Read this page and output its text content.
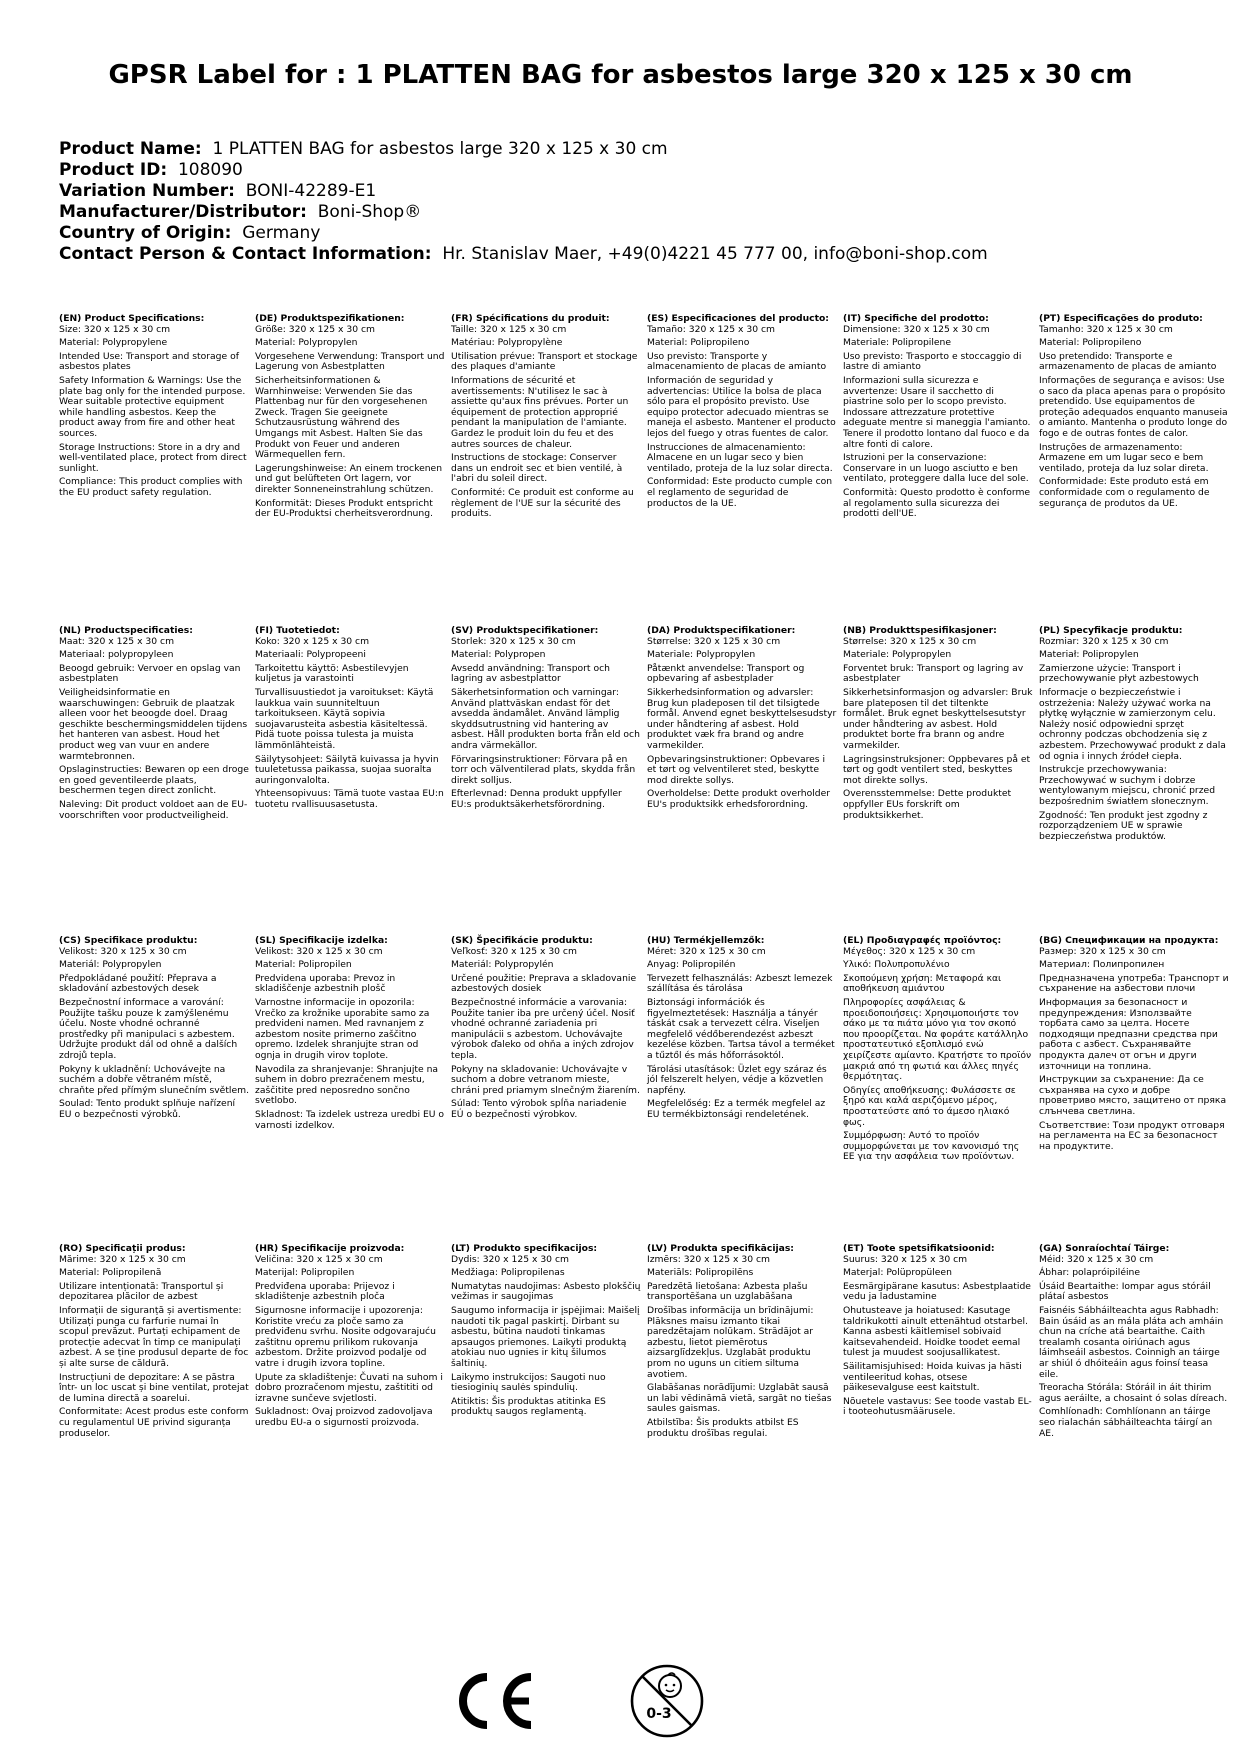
GPSR Label for : 1 PLATTEN BAG for asbestos large 320 x 125 x 30 cm
Product Name: 1 PLATTEN BAG for asbestos large 320 x 125 x 30 cm
Product ID: 108090
Variation Number: BONI-42289-E1
Manufacturer/Distributor: Boni-Shop®
Country of Origin: Germany
Contact Person & Contact Information: Hr. Stanislav Maer, +49(0)4221 45 777 00, info@boni-shop.com
(EN) Product Specifications:

Size: 320 x 125 x 30 cm

Material: Polypropylene

Intended Use: Transport and storage of asbestos plates

Safety Information & Warnings: Use the plate bag only for the intended purpose. Wear suitable protective equipment while handling asbestos. Keep the product away from fire and other heat sources.

Storage Instructions: Store in a dry and well-ventilated place, protect from direct sunlight.

Compliance: This product complies with the EU product safety regulation.

(DE) Produktspezifikationen:

Größe: 320 x 125 x 30 cm

Material: Polypropylen

Vorgesehene Verwendung: Transport und Lagerung von Asbestplatten

Sicherheitsinformationen & Warnhinweise: Verwenden Sie das Plattenbag nur für den vorgesehenen Zweck. Tragen Sie geeignete Schutzausrüstung während des Umgangs mit Asbest. Halten Sie das Produkt von Feuer und anderen Wärmequellen fern.

Lagerungshinweise: An einem trockenen und gut belüfteten Ort lagern, vor direkter Sonneneinstrahlung schützen.

Konformität: Dieses Produkt entspricht der EU-Produktsi cherheitsverordnung.

(FR) Spécifications du produit:

Taille: 320 x 125 x 30 cm

Matériau: Polypropylène

Utilisation prévue: Transport et stockage des plaques d'amiante

Informations de sécurité et avertissements: N'utilisez le sac à assiette qu'aux fins prévues. Porter un équipement de protection approprié pendant la manipulation de l'amiante. Gardez le produit loin du feu et des autres sources de chaleur.

Instructions de stockage: Conserver dans un endroit sec et bien ventilé, à l'abri du soleil direct.

Conformité: Ce produit est conforme au règlement de l'UE sur la sécurité des produits.

(ES) Especificaciones del producto:

Tamaño: 320 x 125 x 30 cm

Material: Polipropileno

Uso previsto: Transporte y almacenamiento de placas de amianto

Información de seguridad y advertencias: Utilice la bolsa de placa sólo para el propósito previsto. Use equipo protector adecuado mientras se maneja el asbesto. Mantener el producto lejos del fuego y otras fuentes de calor.

Instrucciones de almacenamiento: Almacene en un lugar seco y bien ventilado, proteja de la luz solar directa.

Conformidad: Este producto cumple con el reglamento de seguridad de productos de la UE.

(IT) Specifiche del prodotto:

Dimensione: 320 x 125 x 30 cm

Materiale: Polipropilene

Uso previsto: Trasporto e stoccaggio di lastre di amianto

Informazioni sulla sicurezza e avvertenze: Usare il sacchetto di piastrine solo per lo scopo previsto. Indossare attrezzature protettive adeguate mentre si maneggia l'amianto. Tenere il prodotto lontano dal fuoco e da altre fonti di calore.

Istruzioni per la conservazione: Conservare in un luogo asciutto e ben ventilato, proteggere dalla luce del sole.

Conformità: Questo prodotto è conforme al regolamento sulla sicurezza dei prodotti dell'UE.

(PT) Especificações do produto:

Tamanho: 320 x 125 x 30 cm

Material: Polipropileno

Uso pretendido: Transporte e armazenamento de placas de amianto

Informações de segurança e avisos: Use o saco da placa apenas para o propósito pretendido. Use equipamentos de proteção adequados enquanto manuseia o amianto. Mantenha o produto longe do fogo e de outras fontes de calor.

Instruções de armazenamento: Armazene em um lugar seco e bem ventilado, proteja da luz solar direta.

Conformidade: Este produto está em conformidade com o regulamento de segurança de produtos da UE.

(NL) Productspecificaties:

Maat: 320 x 125 x 30 cm

Materiaal: polypropyleen

Beoogd gebruik: Vervoer en opslag van asbestplaten

Veiligheidsinformatie en waarschuwingen: Gebruik de plaatzak alleen voor het beoogde doel. Draag geschikte beschermingsmiddelen tijdens het hanteren van asbest. Houd het product weg van vuur en andere warmtebronnen.

Opslaginstructies: Bewaren op een droge en goed geventileerde plaats, beschermen tegen direct zonlicht.

Naleving: Dit product voldoet aan de EU-voorschriften voor productveiligheid.

(FI) Tuotetiedot:

Koko: 320 x 125 x 30 cm

Materiaali: Polypropeeni

Tarkoitettu käyttö: Asbestilevyjen kuljetus ja varastointi

Turvallisuustiedot ja varoitukset: Käytä laukkua vain suunniteltuun tarkoitukseen. Käytä sopivia suojavarusteita asbestia käsiteltessä. Pidä tuote poissa tulesta ja muista lämmönlähteistä.

Säilytysohjeet: Säilytä kuivassa ja hyvin tuuletetussa paikassa, suojaa suoralta auringonvalolta.

Yhteensopivuus: Tämä tuote vastaa EU:n tuotetu rvallisuusasetusta.

(SV) Produktspecifikationer:

Storlek: 320 x 125 x 30 cm

Material: Polypropen

Avsedd användning: Transport och lagring av asbestplattor

Säkerhetsinformation och varningar: Använd plattväskan endast för det avsedda ändamålet. Använd lämplig skyddsutrustning vid hantering av asbest. Håll produkten borta från eld och andra värmekällor.

Förvaringsinstruktioner: Förvara på en torr och välventilerad plats, skydda från direkt solljus.

Efterlevnad: Denna produkt uppfyller EU:s produktsäkerhetsförordning.

(DA) Produktspecifikationer:

Størrelse: 320 x 125 x 30 cm

Materiale: Polypropylen

Påtænkt anvendelse: Transport og opbevaring af asbestplader

Sikkerhedsinformation og advarsler: Brug kun pladeposen til det tilsigtede formål. Anvend egnet beskyttelsesudstyr under håndtering af asbest. Hold produktet væk fra brand og andre varmekilder.

Opbevaringsinstruktioner: Opbevares i et tørt og velventileret sted, beskytte mod direkte sollys.

Overholdelse: Dette produkt overholder EU's produktsikk erhedsforordning.

(NB) Produkttspesifikasjoner:

Størrelse: 320 x 125 x 30 cm

Materiale: Polypropylen

Forventet bruk: Transport og lagring av asbestplater

Sikkerhetsinformasjon og advarsler: Bruk bare plateposen til det tiltenkte formålet. Bruk egnet beskyttelsesutstyr under håndtering av asbest. Hold produktet borte fra brann og andre varmekilder.

Lagringsinstruksjoner: Oppbevares på et tørt og godt ventilert sted, beskyttes mot direkte sollys.

Overensstemmelse: Dette produktet oppfyller EUs forskrift om produktsikkerhet.

(PL) Specyfikacje produktu:

Rozmiar: 320 x 125 x 30 cm

Materiał: Polipropylen

Zamierzone użycie: Transport i przechowywanie płyt azbestowych

Informacje o bezpieczeństwie i ostrzeżenia: Należy używać worka na płytkę wyłącznie w zamierzonym celu. Należy nosić odpowiedni sprzęt ochronny podczas obchodzenia się z azbestem. Przechowywać produkt z dala od ognia i innych źródeł ciepła.

Instrukcje przechowywania: Przechowywać w suchym i dobrze wentylowanym miejscu, chronić przed bezpośrednim światłem słonecznym.

Zgodność: Ten produkt jest zgodny z rozporządzeniem UE w sprawie bezpieczeństwa produktów.

(CS) Specifikace produktu:

Velikost: 320 x 125 x 30 cm

Materiál: Polypropylen

Předpokládané použití: Přeprava a skladování azbestových desek

Bezpečnostní informace a varování: Použijte tašku pouze k zamýšlenému účelu. Noste vhodné ochranné prostředky při manipulaci s azbestem. Udržujte produkt dál od ohně a dalších zdrojů tepla.

Pokyny k ukladnění: Uchovávejte na suchém a dobře větraném místě, chraňte před přímým slunečním světlem.

Soulad: Tento produkt splňuje nařízení EU o bezpečnosti výrobků.

(SL) Specifikacije izdelka:

Velikost: 320 x 125 x 30 cm

Material: Polipropilen

Predvidena uporaba: Prevoz in skladiščenje azbestnih plošč

Varnostne informacije in opozorila: Vrečko za krožnike uporabite samo za predvideni namen. Med ravnanjem z azbestom nosite primerno zaščitno opremo. Izdelek shranjujte stran od ognja in drugih virov toplote.

Navodila za shranjevanje: Shranjujte na suhem in dobro prezračenem mestu, zaščitite pred neposredno sončno svetlobo.

Skladnost: Ta izdelek ustreza uredbi EU o varnosti izdelkov.

(SK) Špecifikácie produktu:

Veľkosť: 320 x 125 x 30 cm

Materiál: Polypropylén

Určené použitie: Preprava a skladovanie azbestových dosiek

Bezpečnostné informácie a varovania: Použite tanier iba pre určený účel. Nosiť vhodné ochranné zariadenia pri manipulácii s azbestom. Uchovávajte výrobok ďaleko od ohňa a iných zdrojov tepla.

Pokyny na skladovanie: Uchovávajte v suchom a dobre vetranom mieste, chráni pred priamym slnečným žiarením.

Súlad: Tento výrobok spĺňa nariadenie EÚ o bezpečnosti výrobkov.

(HU) Termékjellemzők:

Méret: 320 x 125 x 30 cm

Anyag: Polipropilén

Tervezett felhasználás: Azbeszt lemezek szállítása és tárolása

Biztonsági információk és figyelmeztetések: Használja a tányér táskát csak a tervezett célra. Viseljen megfelelő védőberendezést azbeszt kezelése közben. Tartsa távol a terméket a tűztől és más hőforrásoktól.

Tárolási utasítások: Üzlet egy száraz és jól felszerelt helyen, védje a közvetlen napfény.

Megfelelőség: Ez a termék megfelel az EU termékbiztonsági rendeletének.

(EL) Προδιαγραφές προϊόντος:

Μέγεθος: 320 x 125 x 30 cm

Υλικό: Πολυπροπυλένιο

Σκοπούμενη χρήση: Μεταφορά και αποθήκευση αμιάντου

Πληροφορίες ασφάλειας & προειδοποιήσεις: Χρησιμοποιήστε τον σάκο με τα πιάτα μόνο για τον σκοπό που προορίζεται. Να φοράτε κατάλληλο προστατευτικό εξοπλισμό ενώ χειρίζεστε αμίαντο. Κρατήστε το προϊόν μακριά από τη φωτιά και άλλες πηγές θερμότητας.

Οδηγίες αποθήκευσης: Φυλάσσετε σε ξηρό και καλά αεριζόμενο μέρος, προστατεύστε από το άμεσο ηλιακό φως.

Συμμόρφωση: Αυτό το προϊόν συμμορφώνεται με τον κανονισμό της ΕΕ για την ασφάλεια των προϊόντων.

(BG) Спецификации на продукта:

Размер: 320 x 125 x 30 cm

Материал: Полипропилен

Предназначена употреба: Транспорт и съхранение на азбестови плочи

Информация за безопасност и предупреждения: Използвайте торбата само за целта. Носете подходящи предпазни средства при работа с азбест. Съхранявайте продукта далеч от огън и други източници на топлина.

Инструкции за съхранение: Да се съхранява на сухо и добре проветриво място, защитено от пряка слънчева светлина.

Съответствие: Този продукт отговаря на регламента на ЕС за безопасност на продуктите.

(RO) Specificații produs:

Mărime: 320 x 125 x 30 cm

Material: Polipropilenă

Utilizare intenționată: Transportul și depozitarea plăcilor de azbest

Informații de siguranță și avertismente: Utilizați punga cu farfurie numai în scopul prevăzut. Purtați echipament de protecție adecvat în timp ce manipulați azbest. A se ține produsul departe de foc și alte surse de căldură.

Instrucțiuni de depozitare: A se păstra într- un loc uscat și bine ventilat, protejat de lumina directă a soarelui.

Conformitate: Acest produs este conform cu regulamentul UE privind siguranța produselor.

(HR) Specifikacije proizvoda:

Veličina: 320 x 125 x 30 cm

Materijal: Polipropilen

Predviđena uporaba: Prijevoz i skladištenje azbestnih ploča

Sigurnosne informacije i upozorenja: Koristite vreću za ploče samo za predviđenu svrhu. Nosite odgovarajuću zaštitnu opremu prilikom rukovanja azbestom. Držite proizvod podalje od vatre i drugih izvora topline.

Upute za skladištenje: Čuvati na suhom i dobro prozračenom mjestu, zaštititi od izravne sunčeve svjetlosti.

Sukladnost: Ovaj proizvod zadovoljava uredbu EU-a o sigurnosti proizvoda.

(LT) Produkto specifikacijos:

Dydis: 320 x 125 x 30 cm

Medžiaga: Polipropilenas

Numatytas naudojimas: Asbesto plokščių vežimas ir saugojimas

Saugumo informacija ir įspėjimai: Maišelį naudoti tik pagal paskirtį. Dirbant su asbestu, būtina naudoti tinkamas apsaugos priemones. Laikyti produktą atokiau nuo ugnies ir kitų šilumos šaltinių.

Laikymo instrukcijos: Saugoti nuo tiesioginių saulės spindulių.

Atitiktis: Šis produktas atitinka ES produktų saugos reglamentą.

(LV) Produkta specifikācijas:

Izmērs: 320 x 125 x 30 cm

Materiāls: Polipropilēns

Paredzētā lietošana: Azbesta plašu transportēšana un uzglabāšana

Drošības informācija un brīdinājumi: Plāksnes maisu izmanto tikai paredzētajam nolūkam. Strādājot ar azbestu, lietot piemērotus aizsarglīdzekļus. Uzglabāt produktu prom no uguns un citiem siltuma avotiem.

Glabāšanas norādījumi: Uzglabāt sausā un labi vēdināmā vietā, sargāt no tiešas saules gaismas.

Atbilstība: Šis produkts atbilst ES produktu drošības regulai.

(ET) Toote spetsifikatsioonid:

Suurus: 320 x 125 x 30 cm

Materjal: Polüpropüleen

Eesmärgipärane kasutus: Asbestplaatide vedu ja ladustamine

Ohutusteave ja hoiatused: Kasutage taldrikukotti ainult ettenähtud otstarbel. Kanna asbesti käitlemisel sobivaid kaitsevahendeid. Hoidke toodet eemal tulest ja muudest soojusallikatest.

Säilitamisjuhised: Hoida kuivas ja hästi ventileeritud kohas, otsese päikesevalguse eest kaitstult.

Nõuetele vastavus: See toode vastab EL-i tooteohutusmäärusele.

(GA) Sonraíochtaí Táirge:

Méid: 320 x 125 x 30 cm

Ábhar: polapróipiléine

Úsáid Beartaithe: Iompar agus stóráil plátaí asbestos

Faisnéis Sábháilteachta agus Rabhadh: Bain úsáid as an mála pláta ach amháin chun na críche atá beartaithe. Caith trealamh cosanta oiriúnach agus láimhseáil asbestos. Coinnigh an táirge ar shiúl ó dhóiteáin agus foinsí teasa eile.

Treoracha Stórála: Stóráil in áit thirim agus aeráilte, a chosaint ó solas díreach.

Comhlíonadh: Comhlíonann an táirge seo rialachán sábháilteachta táirgí an AE.

0-3
